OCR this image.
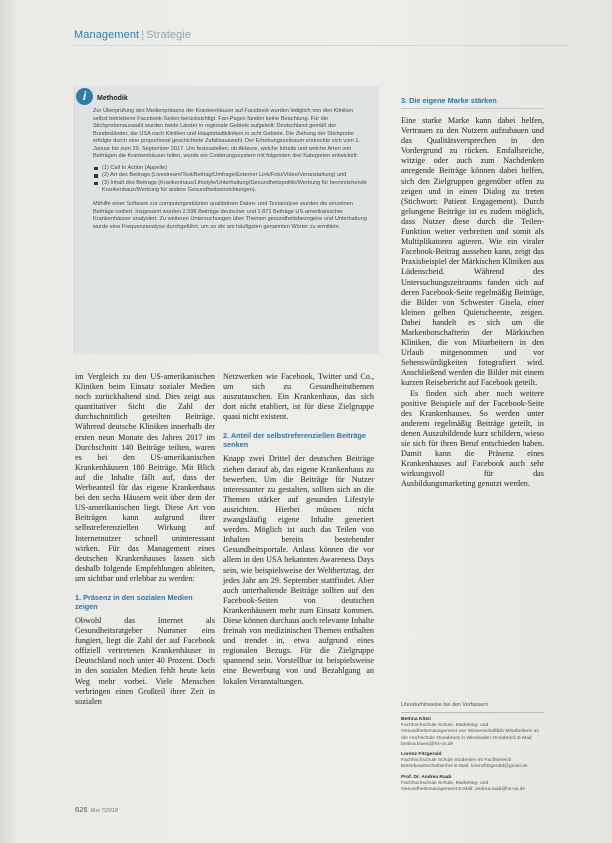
Management | Strategie
i	Methodik

Zur Überprüfung des Medienpräsenz der Krankenhäuser auf Facebook wurden lediglich von den Kliniken selbst betriebene Facebook-Seiten berücksichtigt. Fan-Pages fanden keine Beachtung. Für die Stichprobenauswahl wurden beide Länder in regionale Gebiete aufgeteilt: Deutschland gemäß der Bundesländer, die USA nach Kliniken und Hauptstadtkliniken in acht Gebiete. Die Ziehung der Stichprobe erfolgte durch eine proportional geschichtete Zufallsauswahl. Der Erhebungszeitraum erstreckte sich vom 1. Januar bis zum 29. September 2017. Um festzustellen, ob Akteure, welche Inhalte und welche Arten von Beiträgen die Krankenhäuser teilen, wurde ein Codierungssystem mit folgenden drei Kategorien entwickelt:

(1) Call to Action (Appelle)
(2) Art des Beitrags (Livestream/Text/Beitrag/Umfrage/Externer Link/Foto/Video/Veranstaltung) und
(3) Inhalt des Beitrags (Krankenhaus/Lifestyle/Unterhaltung/Gesundheitspolitik/Werbung für bevorstehende Krankenhaus/Werbung für andere Gesundheitseinrichtungen).

Mithilfe einer Software zur computergestützten qualitativen Daten- und Textanalyse wurden die einzelnen Beiträge codiert. Insgesamt wurden 2.598 Beiträge deutscher und 1.871 Beiträge US-amerikanischer Krankenhäuser analysiert. Zu weiteren Untersuchungen über Themen gesundheitsbezogene und Unterhaltung wurde eine Frequenzanalyse durchgeführt, um so die am häufigsten genannten Wörter zu ermitteln.

im Vergleich zu den US-amerikanischen Kliniken beim Einsatz sozialer Medien noch zurückhaltend sind. Dies zeigt aus quantitativer Sicht die Zahl der durchschnittlich geteilten Beiträge. Während deutsche Kliniken innerhalb der ersten neun Monate des Jahres 2017 im Durchschnitt 140 Beiträge teilten, waren es bei den US-amerikanischen Krankenhäusern 180 Beiträge. Mit Blick auf die Inhalte fällt auf, dass der Werbeanteil für das eigene Krankenhaus bei den sechs Häusern weit über dem der US-amerikanischen liegt. Diese Art von Beiträgen kann aufgrund ihrer selbstreferenziellen Wirkung auf Internetnutzer schnell uninteressant wirken. Für das Management eines deutschen Krankenhauses lassen sich deshalb folgende Empfehlungen ableiten, um sichtbar und erlebbar zu werden:

1. Präsenz in den sozialen Medien zeigen

Obwohl das Internet als Gesundheitsratgeber Nummer eins fungiert, liegt die Zahl der auf Facebook offiziell vertretenen Krankenhäuser in Deutschland noch unter 40 Prozent. Doch in den sozialen Medien fehlt heute kein Weg mehr vorbei. Viele Menschen verbringen einen Großteil ihrer Zeit in sozialen

Netzwerken wie Facebook, Twitter und Co., um sich zu Gesundheitsthemen auszutauschen. Ein Krankenhaus, das sich dort nicht etabliert, ist für diese Zielgruppe quasi nicht existent.

2. Anteil der selbstreferenziellen Beiträge senken

Knapp zwei Drittel der deutschen Beiträge ziehen darauf ab, das eigene Krankenhaus zu bewerben. Um die Beiträge für Nutzer interessanter zu gestalten, sollten sich an die Themen stärker auf gesunden Lifestyle ausrichten. Hierbei müssen nicht zwangsläufig eigene Inhalte generiert werden. Möglich ist auch das Teilen von Inhalten bereits bestehender Gesundheitsportale. Anlass können die vor allem in den USA bekannten Awareness Days sein, wie beispielsweise der Welthertztag, der jedes Jahr am 29. September stattfindet. Aber auch unterhaltende Beiträge sollten auf den Facebook-Seiten von deutschen Krankenhäusern mehr zum Einsatz kommen. Diese können durchaus auch relevante Inhalte freinah von medizinischen Themen enthalten und trendet in, etwa aufgrund eines regionalen Bezugs. Für die Zielgruppe spannend sein. Vorstellbar ist beispielsweise eine Bewerbung von und Bezahlgang an lokalen Veranstaltungen.

3. Die eigene Marke stärken

Eine starke Marke kann dabei helfen, Vertrauen zu den Nutzern aufzubauen und das Qualitätsversprechen in den Vordergrund zu rücken. Emfallsreiche, witzige oder auch zum Nachdenken anregende Beiträge können dabei helfen, sich den Zielgruppen gegenüber offen zu zeigen und in einen Dialog zu treten (Stichwort: Patient Engagement). Durch gelungene Beiträge ist es zudem möglich, dass Nutzer diese durch die Teilen-Funktion weiter verbreiten und somit als Multiplikatoren agieren. Wie ein viraler Facebook-Beitrag aussehen kann, zeigt das Praxisbeispiel der Märkischen Kliniken aus Lüdenscheid. Während des Untersuchungszeitraums fanden sich auf deren Facebook-Seite regelmäßig Beiträge, die Bilder von Schwester Gisela, einer kleinen gelben Quietscheente, zeigen. Dabei handelt es sich um die Markenbotschafterin der Märkischen Kliniken, die von Mitarbeitern in den Urlaub mitgenommen und vor Sehenswürdigkeiten fotografiert wird. Anschließend werden die Bilder mit einem kurzen Reisebericht auf Facebook geteilt.

Es finden sich aber noch weitere positive Beispiele auf der Facebook-Seite des Krankenhauses. So werden unter anderem regelmäßig Beiträge geteilt, in denen Auszubildende kurz schildern, wieso sie sich für ihren Beruf entschieden haben. Damit kann die Präsenz eines Krankenhauses auf Facebook auch sehr wirkungsvoll für das Ausbildungsmarketing genutzt werden.

Literaturhinweise bei den Verfassern
Bettina Klüsi
Fachhochschule Schule, Marketing- und Gesundheitsmanagement von Wissenschaftlich Mitarbeiterin an der Hochschule Osnabrück in Wiesbaden Osnabrück E-Mail: bettina.kluesi@hs-os.de
Lorenz Fitzgerald
Fachhochschule Schule Studenten im Fachbereich Betriebswirtschaftslehre E-Mail: lorenzfitzgerald@gmail.de
Prof. Dr. Andrea Raab
Fachhochschule Schule, Marketing- und Gesundheitsmanagement E-Mail: andrea.raab@hs-os.de
626 f&w 7|2018
